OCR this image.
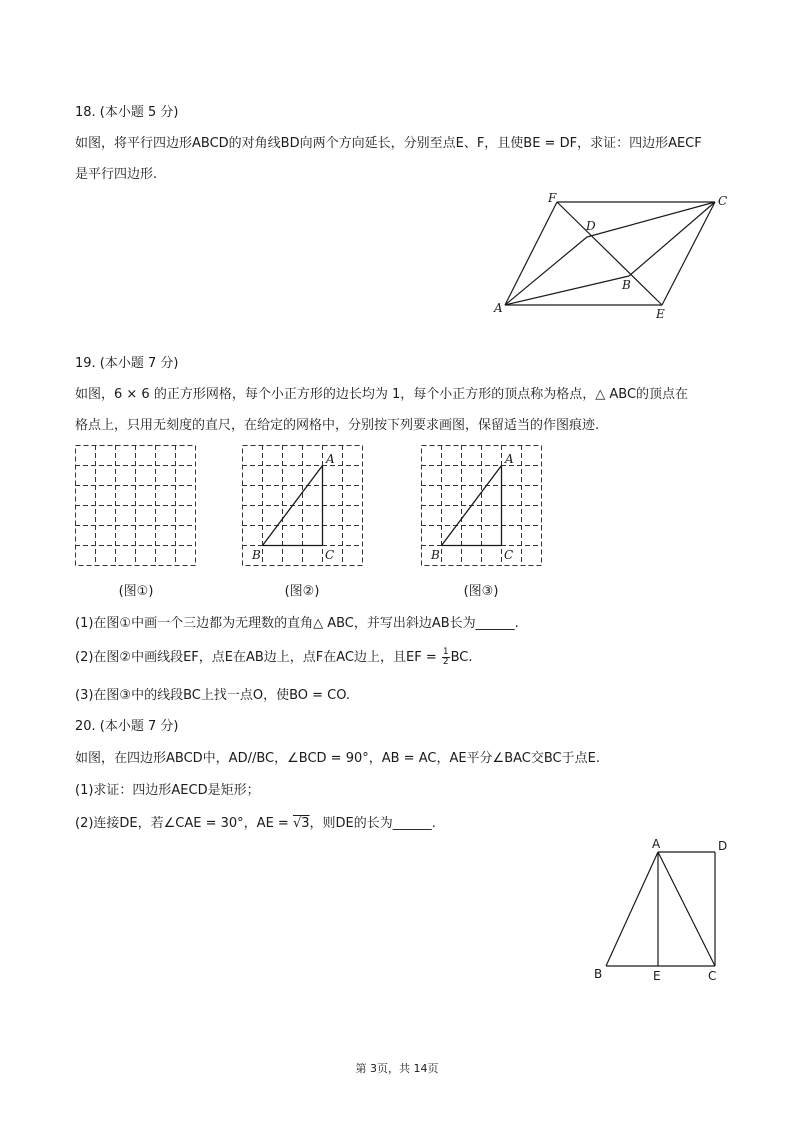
18. (本小题 5 分)
如图，将平行四边形ABCD的对角线BD向两个方向延长，分别至点E、F，且使BE = DF，求证：四边形AECF
是平行四边形.
A	E
C
F
D
B
19. (本小题 7 分)
如图，6 × 6 的正方形网格，每个小正方形的边长均为 1，每个小正方形的顶点称为格点，△ ABC的顶点在
格点上，只用无刻度的直尺，在给定的网格中，分别按下列要求画图，保留适当的作图痕迹.
(图①)
A
B	C
(图②)
A
B	C
(图③)
(1)在图①中画一个三边都为无理数的直角△ ABC，并写出斜边AB长为______.
(2)在图②中画线段EF，点E在AB边上，点F在AC边上，且EF = $\frac{1}{2}$ BC.
(3)在图③中的线段BC上找一点O，使BO = CO.
20. (本小题 7 分)
如图，在四边形ABCD中，AD//BC，∠BCD = 90°，AB = AC，AE平分∠BAC交BC于点E.
(1)求证：四边形AECD是矩形；
(2)连接DE，若∠CAE = 30°，AE = √3，则DE的长为______.
A	D
B	E	C
第 3页，共 14页
